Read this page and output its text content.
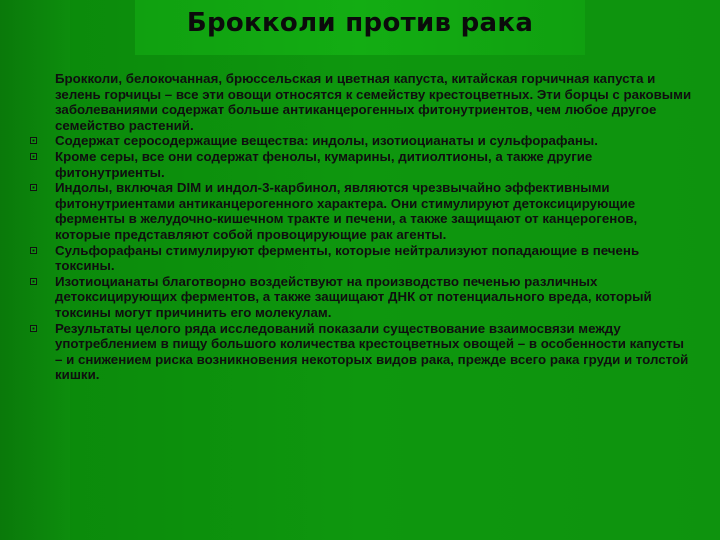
Брокколи против рака

Брокколи, белокочанная, брюссельская и цветная капуста, китайская горчичная капуста и зелень горчицы – все эти овощи относятся к семейству крестоцветных. Эти борцы с раковыми заболеваниями содержат больше антиканцерогенных фитонутриентов, чем любое другое семейство растений.

Содержат серосодержащие вещества: индолы, изотиоцианаты и сульфорафаны.
Кроме серы, все они содержат фенолы, кумарины, дитиолтионы, а также другие фитонутриенты.
Индолы, включая DIM и индол-3-карбинол, являются чрезвычайно эффективными фитонутриентами антиканцерогенного характера. Они стимулируют детоксицирующие ферменты в желудочно-кишечном тракте и печени, а также защищают от канцерогенов, которые представляют собой провоцирующие рак агенты.
Сульфорафаны стимулируют ферменты, которые нейтрализуют попадающие в печень токсины.
Изотиоцианаты благотворно воздействуют на производство печенью различных детоксицирующих ферментов, а также защищают ДНК от потенциального вреда, который токсины могут причинить его молекулам.
Результаты целого ряда исследований показали существование взаимосвязи между употреблением в пищу большого количества крестоцветных овощей – в особенности капусты – и снижением риска возникновения некоторых видов рака, прежде всего рака груди и толстой кишки.
